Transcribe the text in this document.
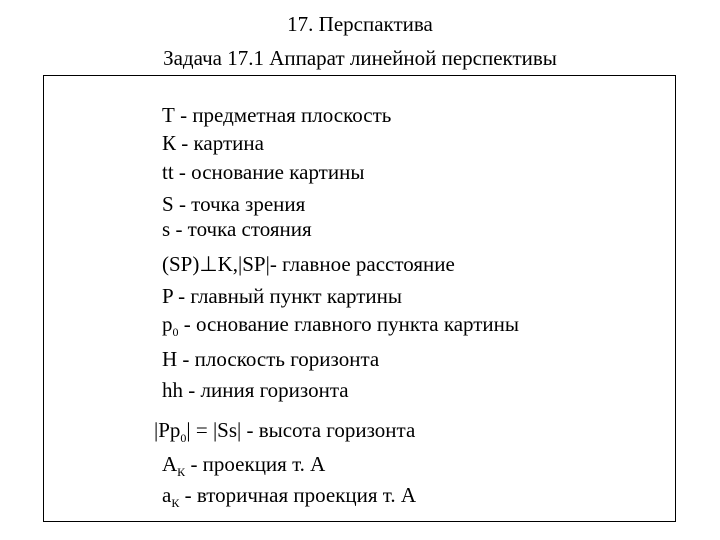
17. Перспактива
Задача 17.1 Аппарат линейной перспективы
Т - предметная плоскость
К - картина
tt - основание картины
S - точка зрения
s - точка стояния
(SP)⊥K,|SP|- главное расстояние
P - главный пункт картины
$p_0$ - основание главного пункта картины
H - плоскость горизонта
hh - линия горизонта
$|Pp_0| = |Ss|$ - высота горизонта
$A_К$ - проекция т. А
$a_К$ - вторичная проекция т. А
